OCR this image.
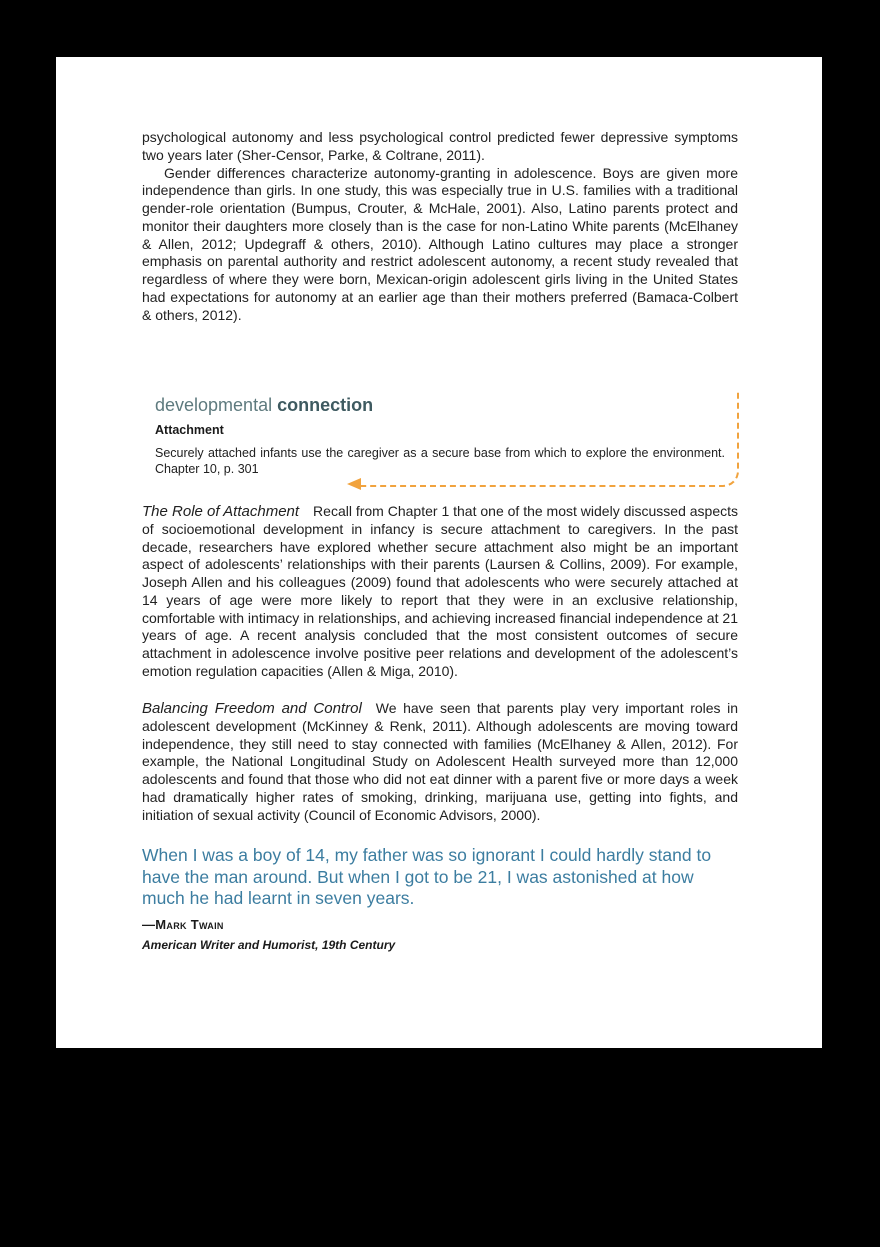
psychological autonomy and less psychological control predicted fewer depressive symptoms two years later (Sher-Censor, Parke, & Coltrane, 2011).

Gender differences characterize autonomy-granting in adolescence. Boys are given more independence than girls. In one study, this was especially true in U.S. families with a traditional gender-role orientation (Bumpus, Crouter, & McHale, 2001). Also, Latino parents protect and monitor their daughters more closely than is the case for non-Latino White parents (McElhaney & Allen, 2012; Updegraff & others, 2010). Although Latino cultures may place a stronger emphasis on parental authority and restrict adolescent autonomy, a recent study revealed that regardless of where they were born, Mexican-origin adolescent girls living in the United States had expectations for autonomy at an earlier age than their mothers preferred (Bamaca-Colbert & others, 2012).

developmental connection

Attachment

Securely attached infants use the caregiver as a secure base from which to explore the environment. Chapter 10, p. 301

The Role of Attachment Recall from Chapter 1 that one of the most widely discussed aspects of socioemotional development in infancy is secure attachment to caregivers. In the past decade, researchers have explored whether secure attachment also might be an important aspect of adolescents’ relationships with their parents (Laursen & Collins, 2009). For example, Joseph Allen and his colleagues (2009) found that adolescents who were securely attached at 14 years of age were more likely to report that they were in an exclusive relationship, comfortable with intimacy in relationships, and achieving increased financial independence at 21 years of age. A recent analysis concluded that the most consistent outcomes of secure attachment in adolescence involve positive peer relations and development of the adolescent’s emotion regulation capacities (Allen & Miga, 2010).

Balancing Freedom and Control We have seen that parents play very important roles in adolescent development (McKinney & Renk, 2011). Although adolescents are moving toward independence, they still need to stay connected with families (McElhaney & Allen, 2012). For example, the National Longitudinal Study on Adolescent Health surveyed more than 12,000 adolescents and found that those who did not eat dinner with a parent five or more days a week had dramatically higher rates of smoking, drinking, marijuana use, getting into fights, and initiation of sexual activity (Council of Economic Advisors, 2000).

When I was a boy of 14, my father was so ignorant I could hardly stand to have the man around. But when I got to be 21, I was astonished at how much he had learnt in seven years.

—Mark Twain

American Writer and Humorist, 19th Century
